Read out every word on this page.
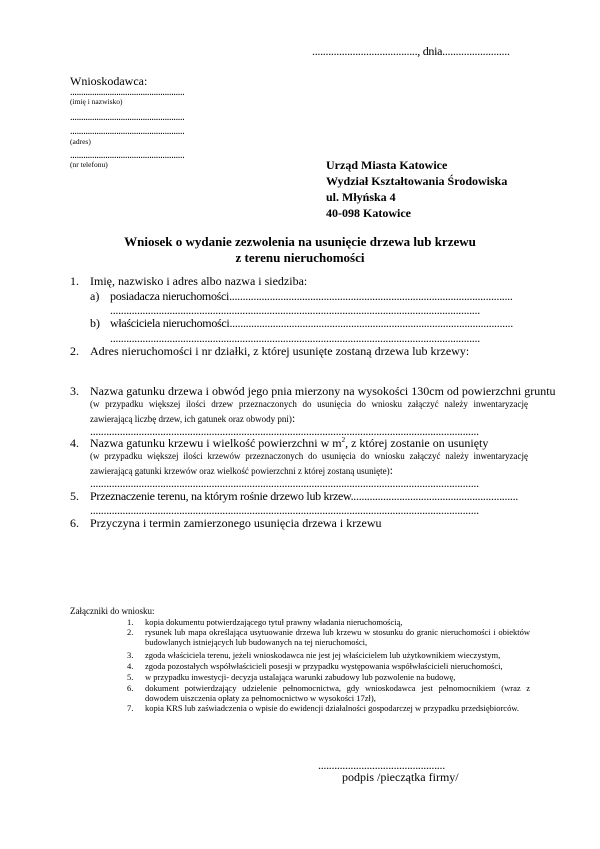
......................................., dnia.........................
Wnioskodawca:
....................................................
(imię i nazwisko)
....................................................
....................................................
(adres)
....................................................
(nr telefonu)	Urząd Miasta Katowice
Wydział Kształtowania Środowiska
ul. Młyńska 4
40-098 Katowice
Wniosek o wydanie zezwolenia na usunięcie drzewa lub krzewu
z terenu nieruchomości
1. Imię, nazwisko i adres albo nazwa i siedziba:
a) posiadacza nieruchomości.........................................................................................................
.........................................................................................................................................
b) właściciela nieruchomości.........................................................................................................
.........................................................................................................................................
2. Adres nieruchomości i nr działki, z której usunięte zostaną drzewa lub krzewy:
3. Nazwa gatunku drzewa i obwód jego pnia mierzony na wysokości 130cm od powierzchni gruntu
(w przypadku większej ilości drzew przeznaczonych do usunięcia do wniosku załączyć należy inwentaryzację zawierającą liczbę drzew, ich gatunek oraz obwody pni):
................................................................................................................................................
4. Nazwa gatunku krzewu i wielkość powierzchni w $m^2$, z której zostanie on usunięty
(w przypadku większej ilości krzewów przeznaczonych do usunięcia do wniosku załączyć należy inwentaryzację zawierającą gatunki krzewów oraz wielkość powierzchni z której zostaną usunięte):
................................................................................................................................................
5. Przeznaczenie terenu, na którym rośnie drzewo lub krzew..............................................................
................................................................................................................................................
6. Przyczyna i termin zamierzonego usunięcia drzewa i krzewu
Załączniki do wniosku:
1. kopia dokumentu potwierdzającego tytuł prawny władania nieruchomością,
2. rysunek lub mapa określająca usytuowanie drzewa lub krzewu w stosunku do granic nieruchomości i obiektów budowlanych istniejących lub budowanych na tej nieruchomości,
3. zgoda właściciela terenu, jeżeli wnioskodawca nie jest jej właścicielem lub użytkownikiem wieczystym,
4. zgoda pozostałych współwłaścicieli posesji w przypadku występowania współwłaścicieli nieruchomości,
5. w przypadku inwestycji- decyzja ustalająca warunki zabudowy lub pozwolenie na budowę,
6. dokument potwierdzający udzielenie pełnomocnictwa, gdy wnioskodawca jest pełnomocnikiem (wraz z dowodem uiszczenia opłaty za pełnomocnictwo w wysokości 17zł),
7. kopia KRS lub zaświadczenia o wpisie do ewidencji działalności gospodarczej w przypadku przedsiębiorców.
...............................................
podpis /pieczątka firmy/
